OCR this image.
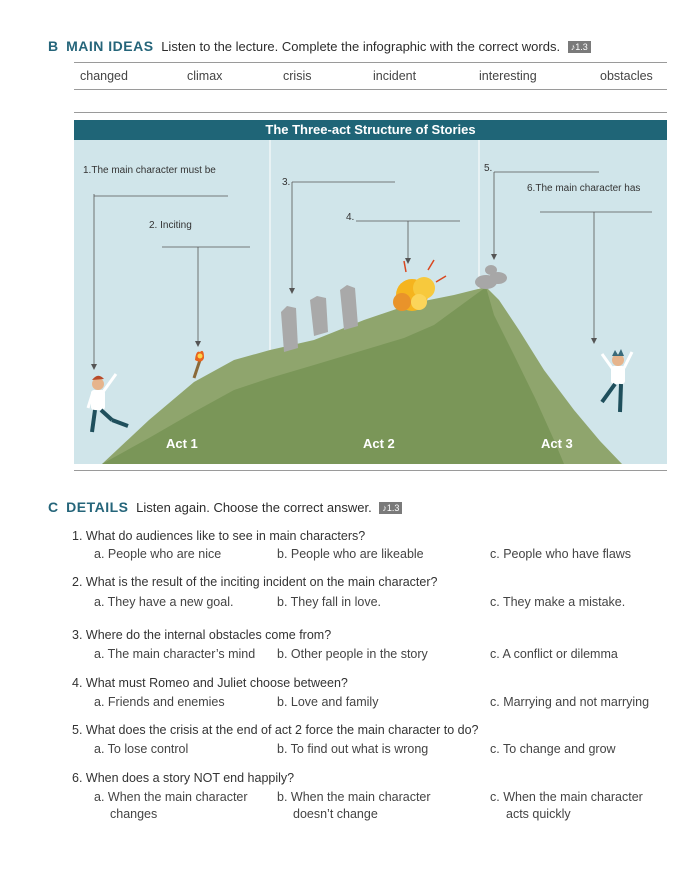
B MAIN IDEAS Listen to the lecture. Complete the infographic with the correct words. ♪1.3
changed	climax	crisis	incident	interesting	obstacles
The Three-act Structure of Stories
1.The main character must be
2. Inciting
3.
4.
5.
6.The main character has
Act 1	Act 2	Act 3
C DETAILS Listen again. Choose the correct answer. ♪1.3
1. What do audiences like to see in main characters?
a. People who are nice	b. People who are likeable	c. People who have flaws
2. What is the result of the inciting incident on the main character?
a. They have a new goal.	b. They fall in love.	c. They make a mistake.
3. Where do the internal obstacles come from?
a. The main character’s mind b. Other people in the story	c. A conflict or dilemma
4. What must Romeo and Juliet choose between?
a. Friends and enemies	b. Love and family	c. Marrying and not marrying
5. What does the crisis at the end of act 2 force the main character to do?
a. To lose control	b. To find out what is wrong	c. To change and grow
6. When does a story NOT end happily?
a. When the main character
changes
b. When the main character
doesn’t change
c. When the main character
acts quickly
